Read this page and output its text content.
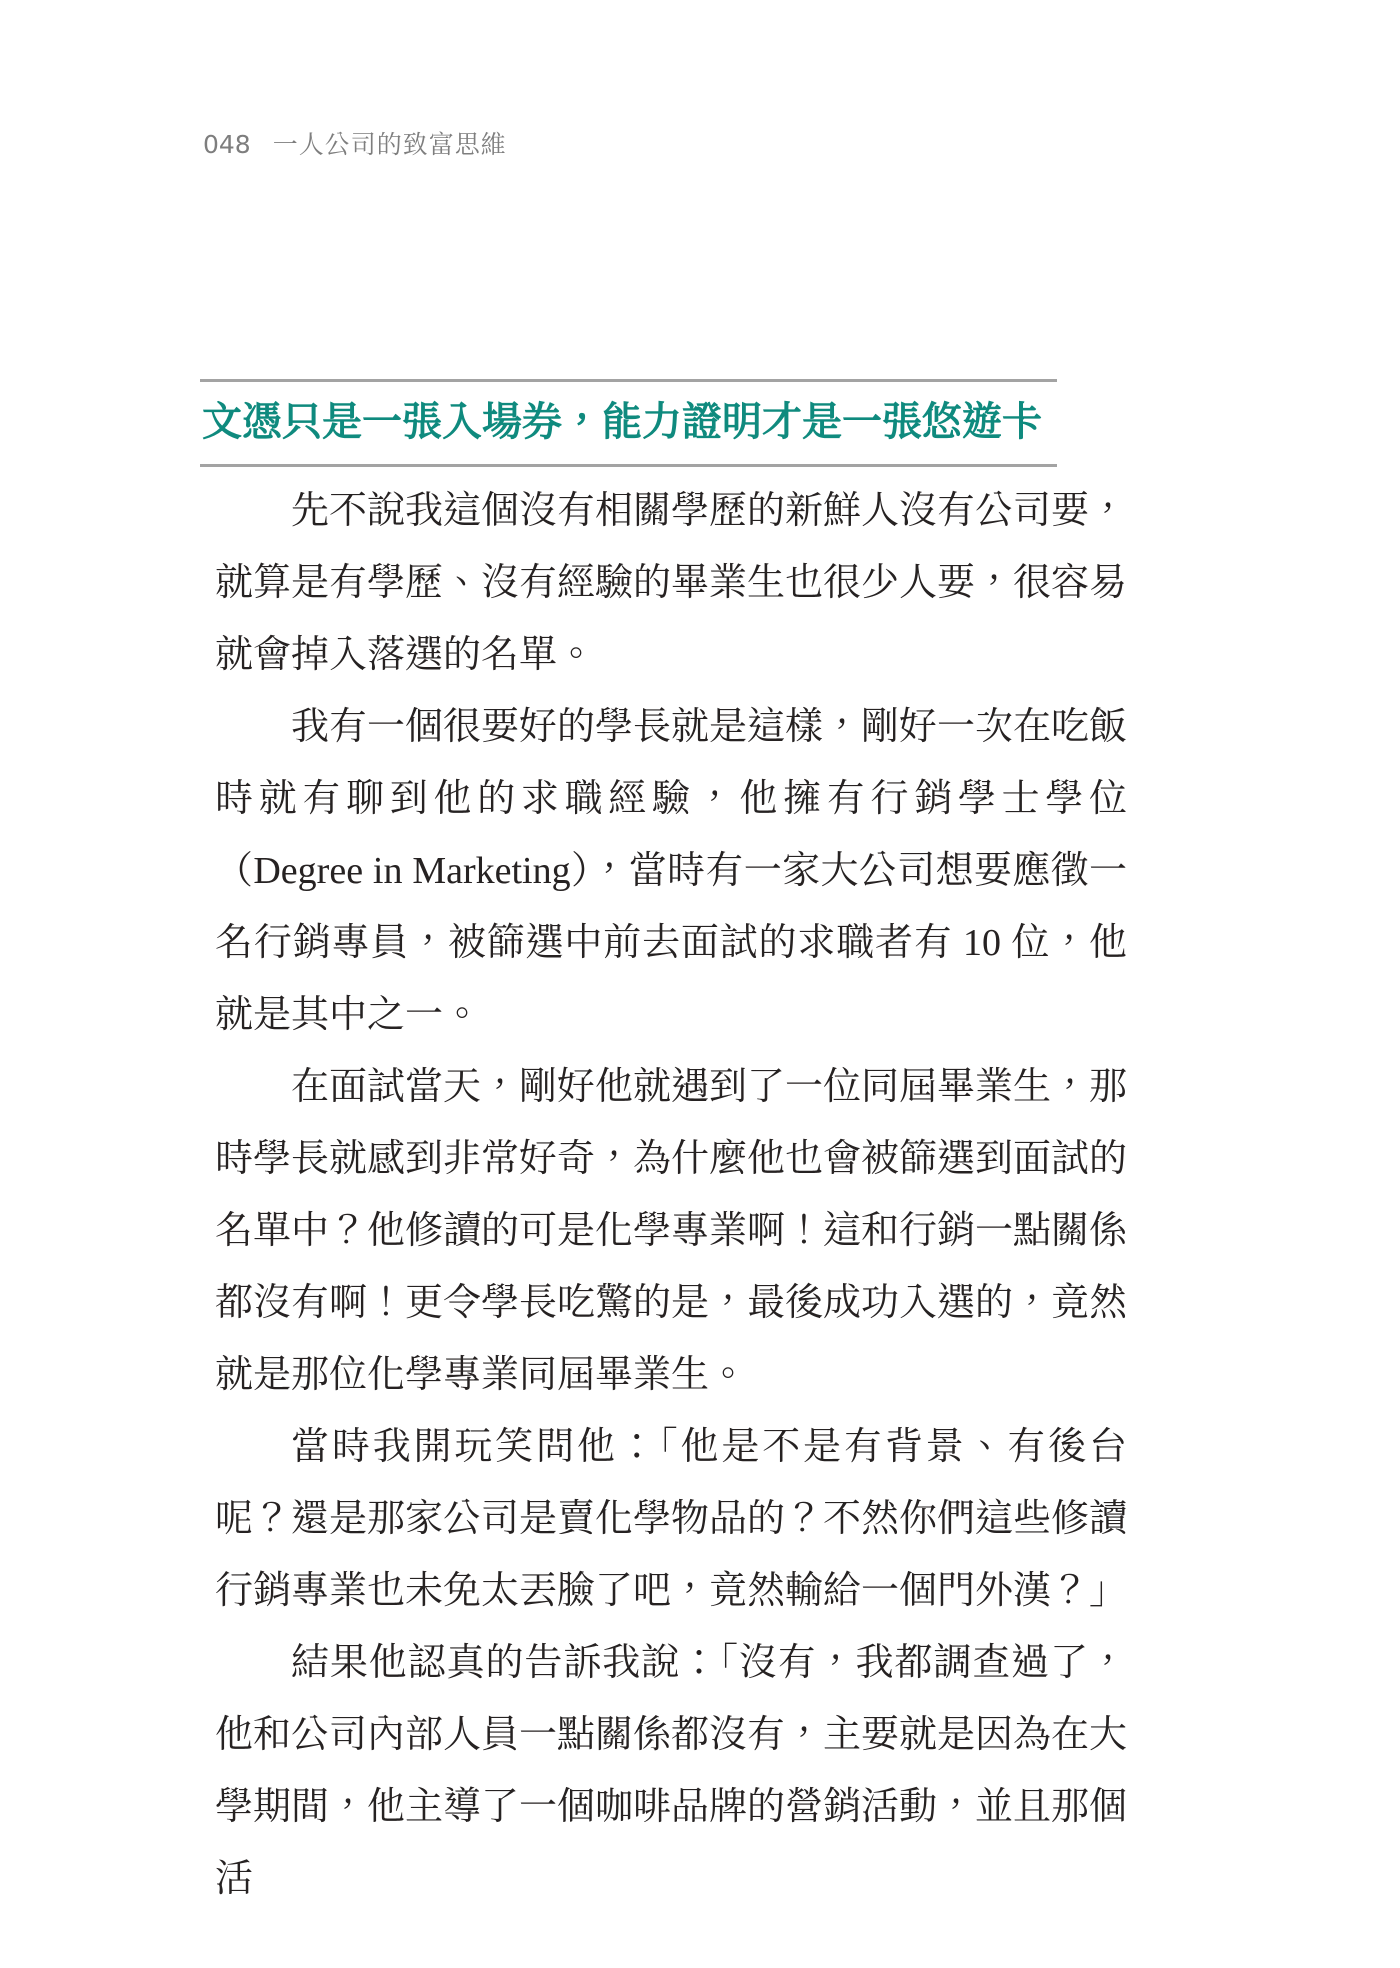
048 一人公司的致富思維
文憑只是一張入場券，能力證明才是一張悠遊卡

先不說我這個沒有相關學歷的新鮮人沒有公司要，就算是有學歷、沒有經驗的畢業生也很少人要，很容易就會掉入落選的名單。

我有一個很要好的學長就是這樣，剛好一次在吃飯時就有聊到他的求職經驗，他擁有行銷學士學位（Degree in Marketing），當時有一家大公司想要應徵一名行銷專員，被篩選中前去面試的求職者有 10 位，他就是其中之一。

在面試當天，剛好他就遇到了一位同屆畢業生，那時學長就感到非常好奇，為什麼他也會被篩選到面試的名單中？他修讀的可是化學專業啊！這和行銷一點關係都沒有啊！更令學長吃驚的是，最後成功入選的，竟然就是那位化學專業同屆畢業生。

當時我開玩笑問他：「他是不是有背景、有後台呢？還是那家公司是賣化學物品的？不然你們這些修讀行銷專業也未免太丟臉了吧，竟然輸給一個門外漢？」

結果他認真的告訴我說：「沒有，我都調查過了，他和公司內部人員一點關係都沒有，主要就是因為在大學期間，他主導了一個咖啡品牌的營銷活動，並且那個活
